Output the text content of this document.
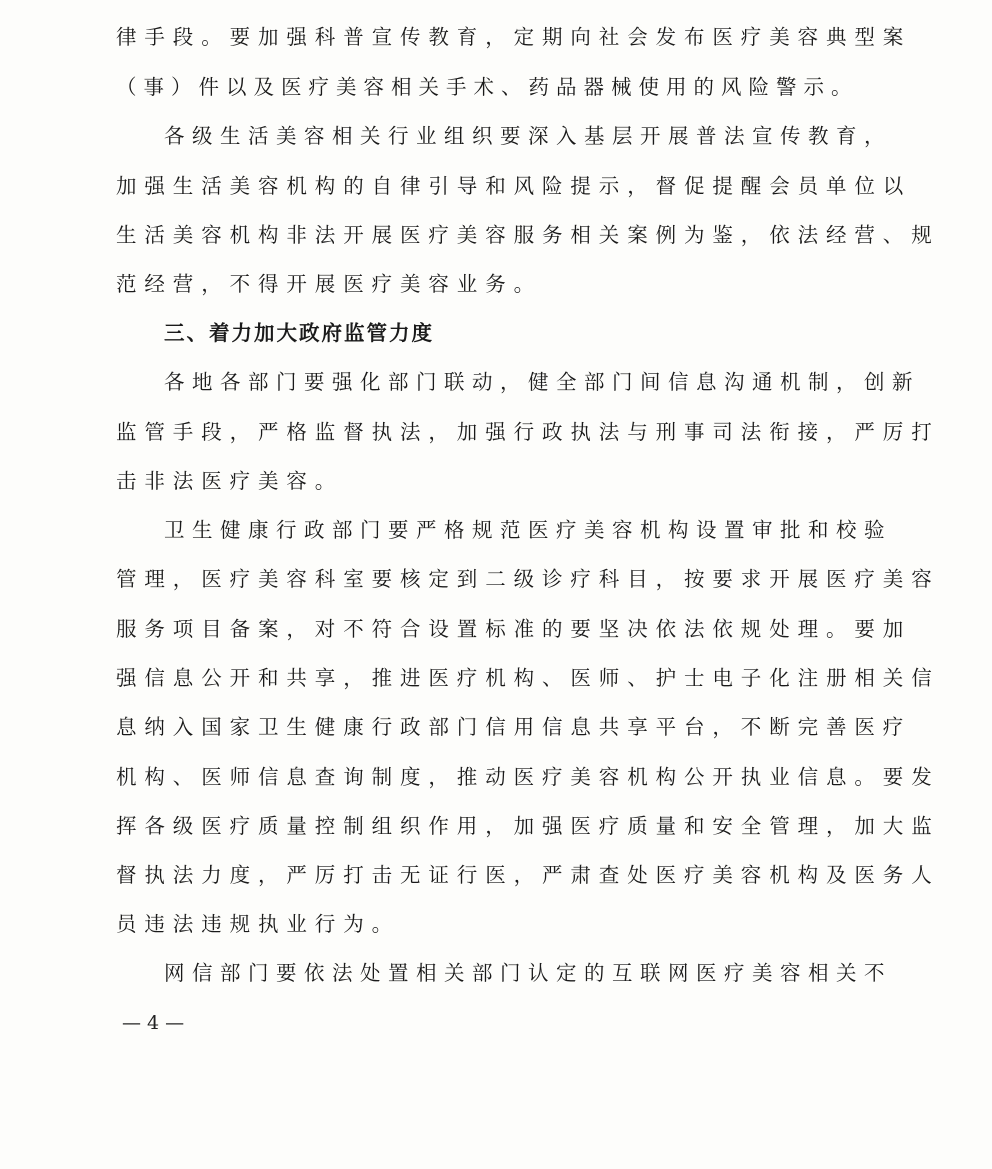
律手段。要加强科普宣传教育，定期向社会发布医疗美容典型案
（事）件以及医疗美容相关手术、药品器械使用的风险警示。
各级生活美容相关行业组织要深入基层开展普法宣传教育，
加强生活美容机构的自律引导和风险提示，督促提醒会员单位以
生活美容机构非法开展医疗美容服务相关案例为鉴，依法经营、规
范经营，不得开展医疗美容业务。
三、着力加大政府监管力度
各地各部门要强化部门联动，健全部门间信息沟通机制，创新
监管手段，严格监督执法，加强行政执法与刑事司法衔接，严厉打
击非法医疗美容。
卫生健康行政部门要严格规范医疗美容机构设置审批和校验
管理，医疗美容科室要核定到二级诊疗科目，按要求开展医疗美容
服务项目备案，对不符合设置标准的要坚决依法依规处理。要加
强信息公开和共享，推进医疗机构、医师、护士电子化注册相关信
息纳入国家卫生健康行政部门信用信息共享平台，不断完善医疗
机构、医师信息查询制度，推动医疗美容机构公开执业信息。要发
挥各级医疗质量控制组织作用，加强医疗质量和安全管理，加大监
督执法力度，严厉打击无证行医，严肃查处医疗美容机构及医务人
员违法违规执业行为。
网信部门要依法处置相关部门认定的互联网医疗美容相关不
— 4 —
